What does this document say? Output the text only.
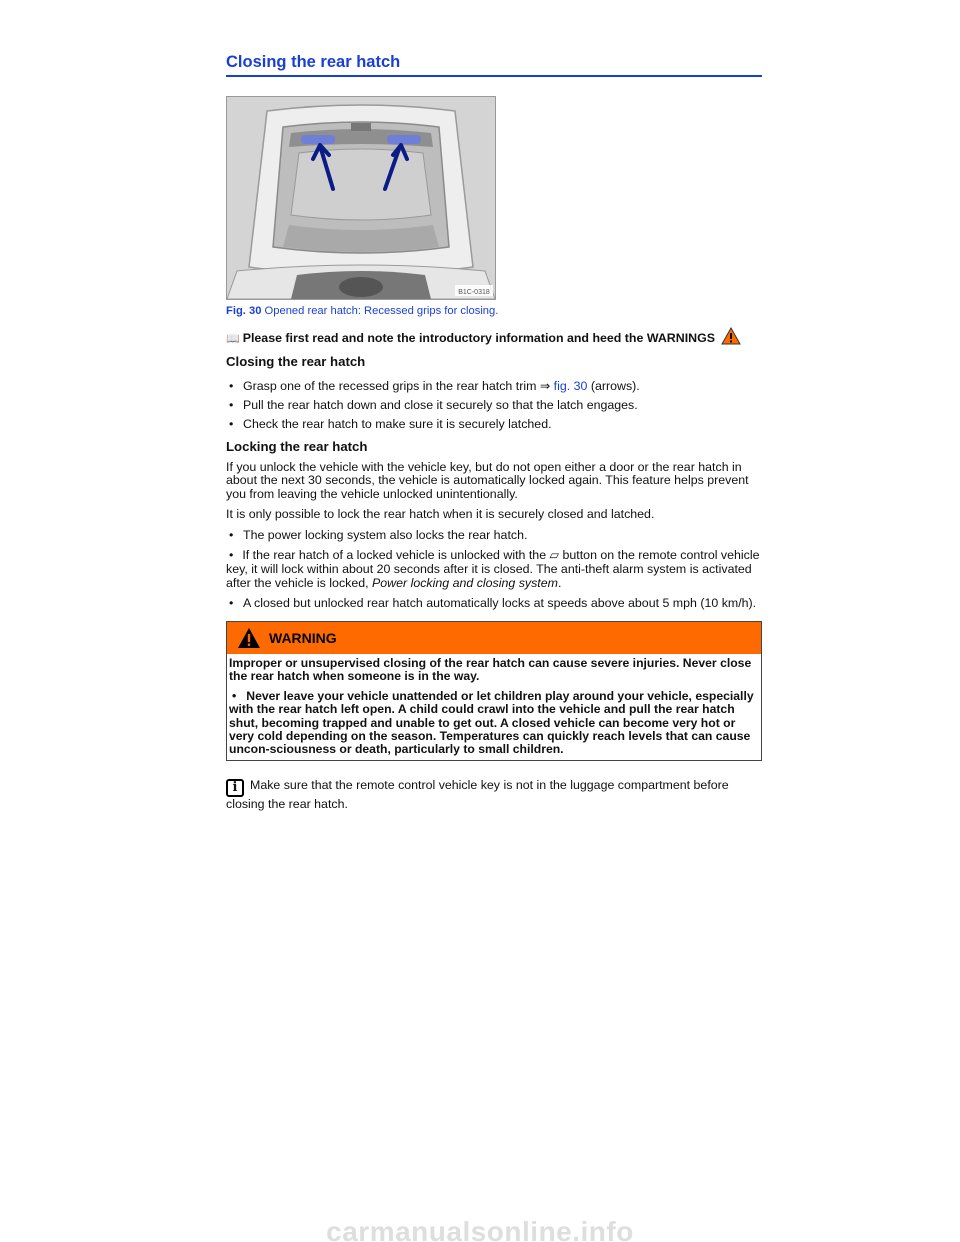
Closing the rear hatch
B1C-0318
Fig. 30 Opened rear hatch: Recessed grips for closing.
📖 Please first read and note the introductory information and heed the WARNINGS
Closing the rear hatch
• Grasp one of the recessed grips in the rear hatch trim ⇒ fig. 30 (arrows).
• Pull the rear hatch down and close it securely so that the latch engages.
• Check the rear hatch to make sure it is securely latched.
Locking the rear hatch

If you unlock the vehicle with the vehicle key, but do not open either a door or the rear hatch in about the next 30 seconds, the vehicle is automatically locked again. This feature helps prevent you from leaving the vehicle unlocked unintentionally.

It is only possible to lock the rear hatch when it is securely closed and latched.

• The power locking system also locks the rear hatch.
• If the rear hatch of a locked vehicle is unlocked with the ⏥ button on the remote control vehicle key, it will lock within about 20 seconds after it is closed. The anti-theft alarm system is activated after the vehicle is locked, Power locking and closing system.
• A closed but unlocked rear hatch automatically locks at speeds above about 5 mph (10 km/h).
WARNING

Improper or unsupervised closing of the rear hatch can cause severe injuries. Never close the rear hatch when someone is in the way.

• Never leave your vehicle unattended or let children play around your vehicle, especially with the rear hatch left open. A child could crawl into the vehicle and pull the rear hatch shut, becoming trapped and unable to get out. A closed vehicle can become very hot or very cold depending on the season. Temperatures can quickly reach levels that can cause uncon-sciousness or death, particularly to small children.

i Make sure that the remote control vehicle key is not in the luggage compartment before closing the rear hatch.
carmanualsonline.info
